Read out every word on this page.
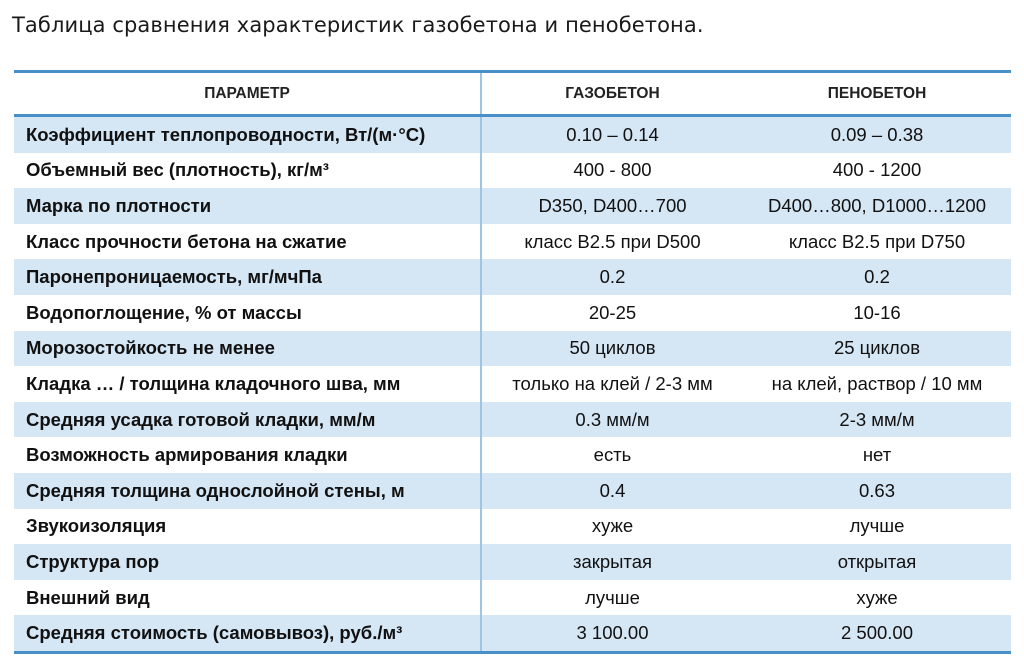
Таблица сравнения характеристик газобетона и пенобетона.
ПАРАМЕТР	ГАЗОБЕТОН	ПЕНОБЕТОН
Коэффициент теплопроводности, Вт/(м·°C)	0.10 – 0.14	0.09 – 0.38
Объемный вес (плотность), кг/м³	400 - 800	400 - 1200
Марка по плотности	D350, D400…700	D400…800, D1000…1200
Класс прочности бетона на сжатие	класс В2.5 при D500	класс В2.5 при D750
Паронепроницаемость, мг/мчПа	0.2	0.2
Водопоглощение, % от массы	20-25	10-16
Морозостойкость не менее	50 циклов	25 циклов
Кладка … / толщина кладочного шва, мм	только на клей / 2-3 мм	на клей, раствор / 10 мм
Средняя усадка готовой кладки, мм/м	0.3 мм/м	2-3 мм/м
Возможность армирования кладки	есть	нет
Средняя толщина однослойной стены, м	0.4	0.63
Звукоизоляция	хуже	лучше
Структура пор	закрытая	открытая
Внешний вид	лучше	хуже
Средняя стоимость (самовывоз), руб./м³	3 100.00	2 500.00
